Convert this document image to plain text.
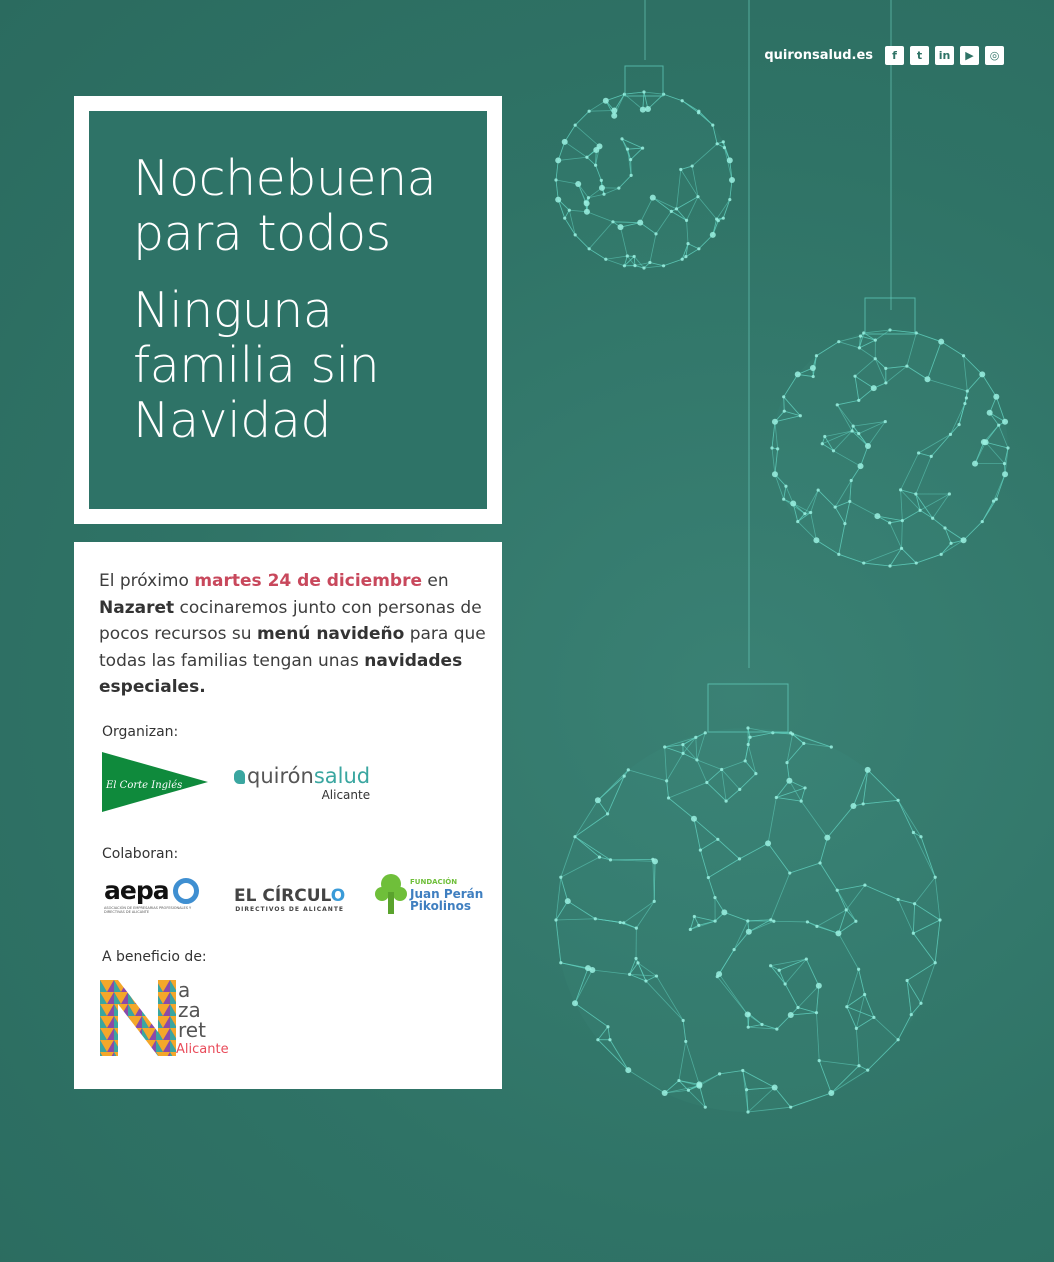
quironsalud.es	f	t	in	▶	◎
Nochebuena
para todos
Ninguna
familia sin
Navidad
El próximo martes 24 de diciembre en Nazaret cocinaremos junto con personas de pocos recursos su menú navideño para que todas las familias tengan unas navidades especiales.
Organizan:
El Corte Inglés	quirónsalud
Alicante
Colaboran:
aepa
ASOCIACIÓN DE EMPRESARIAS PROFESIONALES Y DIRECTIVAS DE ALICANTE
EL CÍRCULO
DIRECTIVOS DE ALICANTE
FUNDACIÓN
Juan Perán
Pikolinos
A beneficio de:
N	a
za
ret
Alicante
